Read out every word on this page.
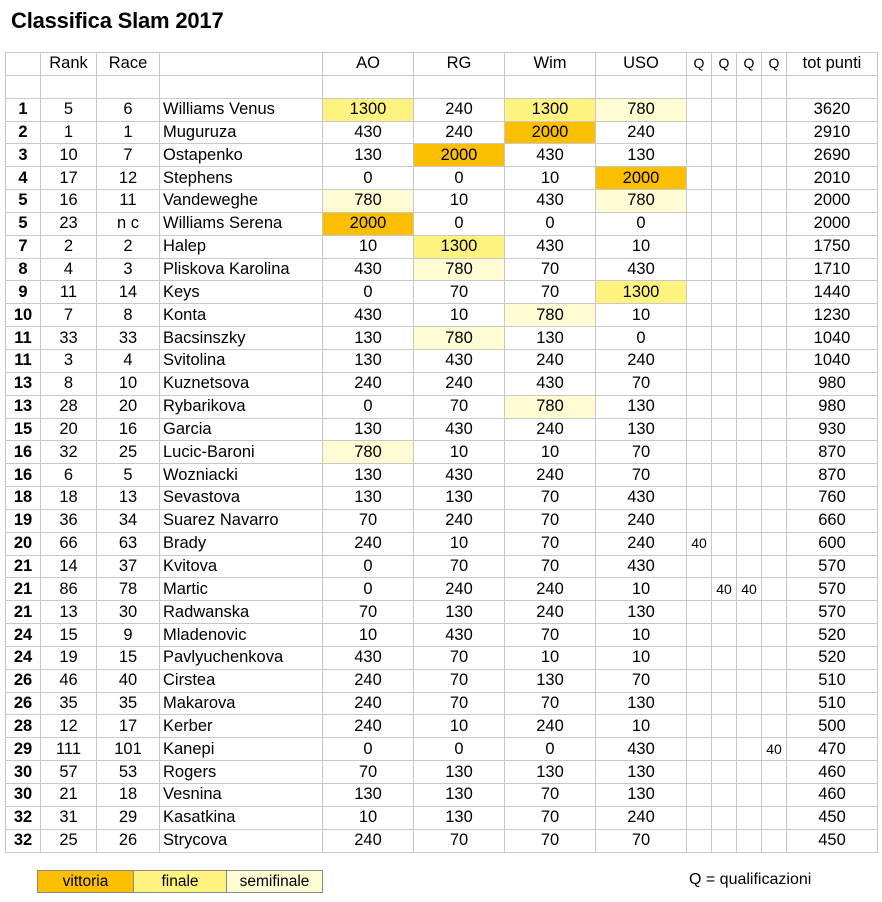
Classifica Slam 2017
	Rank	Race		AO	RG	Wim	USO	Q	Q	Q	Q	tot punti

1	5	6	Williams Venus	1300	240	1300	780					3620
2	1	1	Muguruza	430	240	2000	240					2910
3	10	7	Ostapenko	130	2000	430	130					2690
4	17	12	Stephens	0	0	10	2000					2010
5	16	11	Vandeweghe	780	10	430	780					2000
5	23	n c	Williams Serena	2000	0	0	0					2000
7	2	2	Halep	10	1300	430	10					1750
8	4	3	Pliskova Karolina	430	780	70	430					1710
9	11	14	Keys	0	70	70	1300					1440
10	7	8	Konta	430	10	780	10					1230
11	33	33	Bacsinszky	130	780	130	0					1040
11	3	4	Svitolina	130	430	240	240					1040
13	8	10	Kuznetsova	240	240	430	70					980
13	28	20	Rybarikova	0	70	780	130					980
15	20	16	Garcia	130	430	240	130					930
16	32	25	Lucic-Baroni	780	10	10	70					870
16	6	5	Wozniacki	130	430	240	70					870
18	18	13	Sevastova	130	130	70	430					760
19	36	34	Suarez Navarro	70	240	70	240					660
20	66	63	Brady	240	10	70	240	40				600
21	14	37	Kvitova	0	70	70	430					570
21	86	78	Martic	0	240	240	10		40	40		570
21	13	30	Radwanska	70	130	240	130					570
24	15	9	Mladenovic	10	430	70	10					520
24	19	15	Pavlyuchenkova	430	70	10	10					520
26	46	40	Cirstea	240	70	130	70					510
26	35	35	Makarova	240	70	70	130					510
28	12	17	Kerber	240	10	240	10					500
29	111	101	Kanepi	0	0	0	430				40	470
30	57	53	Rogers	70	130	130	130					460
30	21	18	Vesnina	130	130	70	130					460
32	31	29	Kasatkina	10	130	70	240					450
32	25	26	Strycova	240	70	70	70					450
vittoria	finale	semifinale	Q = qualificazioni
